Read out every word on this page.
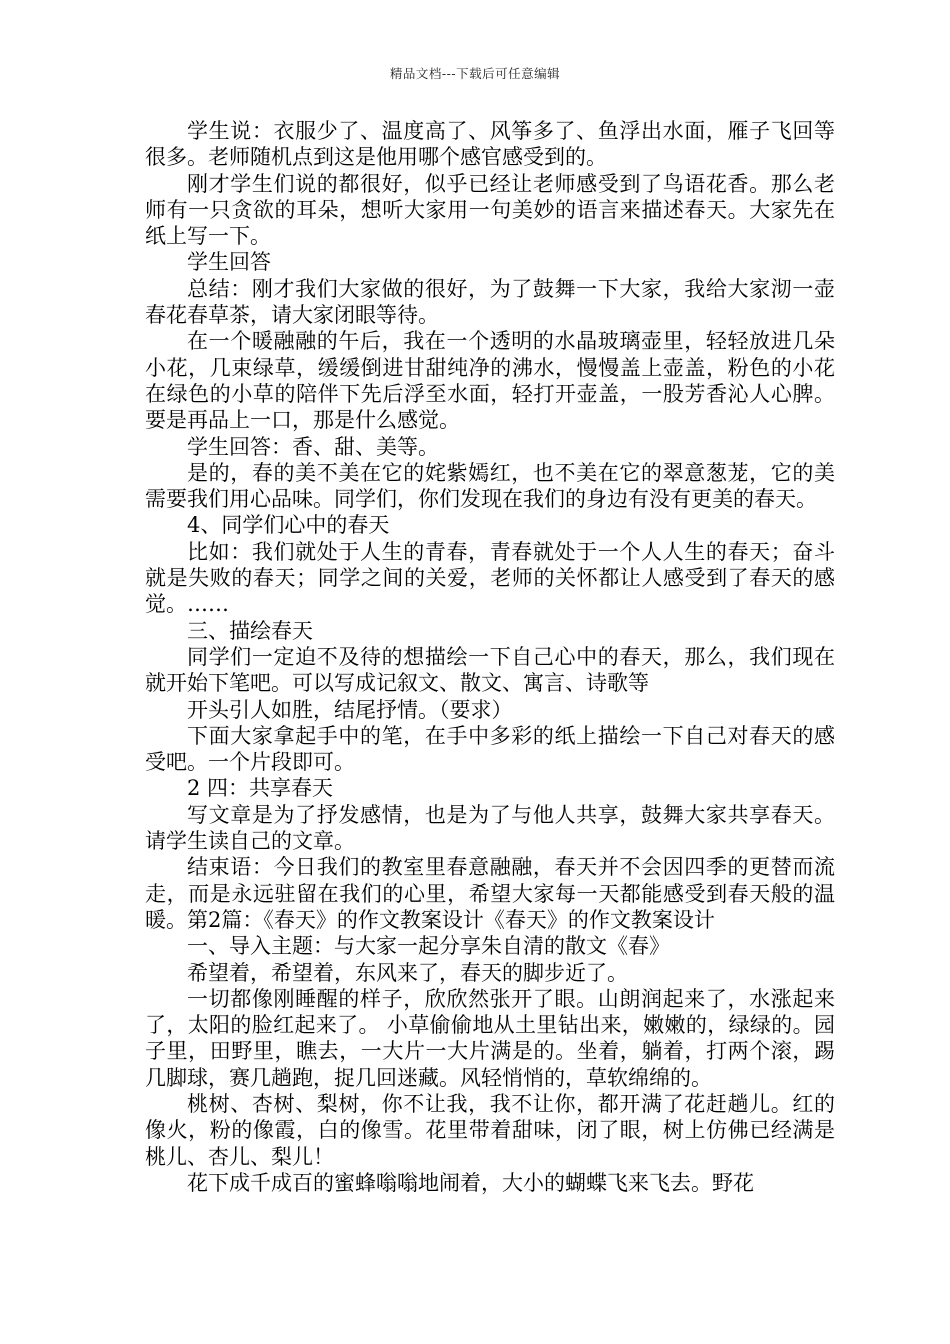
精品文档---下载后可任意编辑

学生说：衣服少了、温度高了、风筝多了、鱼浮出水面，雁子飞回等很多。老师随机点到这是他用哪个感官感受到的。

刚才学生们说的都很好，似乎已经让老师感受到了鸟语花香。那么老师有一只贪欲的耳朵，想听大家用一句美妙的语言来描述春天。大家先在纸上写一下。

学生回答

总结：刚才我们大家做的很好，为了鼓舞一下大家，我给大家沏一壶春花春草茶，请大家闭眼等待。

在一个暖融融的午后，我在一个透明的水晶玻璃壶里，轻轻放进几朵小花，几束绿草，缓缓倒进甘甜纯净的沸水，慢慢盖上壶盖，粉色的小花在绿色的小草的陪伴下先后浮至水面，轻打开壶盖，一股芳香沁人心脾。要是再品上一口，那是什么感觉。

学生回答：香、甜、美等。

是的，春的美不美在它的姹紫嫣红，也不美在它的翠意葱茏，它的美需要我们用心品味。同学们，你们发现在我们的身边有没有更美的春天。

4、同学们心中的春天

比如：我们就处于人生的青春，青春就处于一个人人生的春天；奋斗就是失败的春天；同学之间的关爱，老师的关怀都让人感受到了春天的感觉。……

三、描绘春天

同学们一定迫不及待的想描绘一下自己心中的春天，那么，我们现在就开始下笔吧。可以写成记叙文、散文、寓言、诗歌等

开头引人如胜，结尾抒情。（要求）

下面大家拿起手中的笔，在手中多彩的纸上描绘一下自己对春天的感受吧。一个片段即可。

2 四：共享春天

写文章是为了抒发感情，也是为了与他人共享，鼓舞大家共享春天。 请学生读自己的文章。

结束语：今日我们的教室里春意融融，春天并不会因四季的更替而流走，而是永远驻留在我们的心里，希望大家每一天都能感受到春天般的温暖。第2篇：《春天》的作文教案设计《春天》的作文教案设计

一、导入主题：与大家一起分享朱自清的散文《春》

希望着，希望着，东风来了，春天的脚步近了。

一切都像刚睡醒的样子，欣欣然张开了眼。山朗润起来了，水涨起来了，太阳的脸红起来了。 小草偷偷地从土里钻出来，嫩嫩的，绿绿的。园子里，田野里，瞧去，一大片一大片满是的。坐着，躺着，打两个滚，踢几脚球，赛几趟跑，捉几回迷藏。风轻悄悄的，草软绵绵的。

桃树、杏树、梨树，你不让我，我不让你，都开满了花赶趟儿。红的像火，粉的像霞，白的像雪。花里带着甜味，闭了眼，树上仿佛已经满是桃儿、杏儿、梨儿！

花下成千成百的蜜蜂嗡嗡地闹着，大小的蝴蝶飞来飞去。野花
